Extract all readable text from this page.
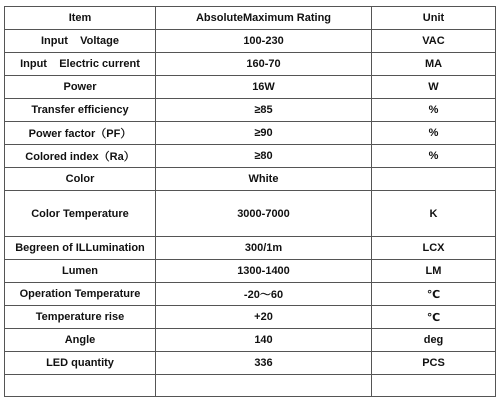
Item	AbsoluteMaximum Rating	Unit
Input    Voltage	100-230	VAC
Input    Electric current	160-70	MA
Power	16W	W
Transfer efficiency	≥85	%
Power factor（PF）	≥90	%
Colored index（Ra）	≥80	%
Color	White	
Color Temperature	3000-7000	K
Begreen of ILLumination	300/1m	LCX
Lumen	1300-1400	LM
Operation Temperature	-20～60	℃
Temperature rise	+20	℃
Angle	140	deg
LED quantity	336	PCS
